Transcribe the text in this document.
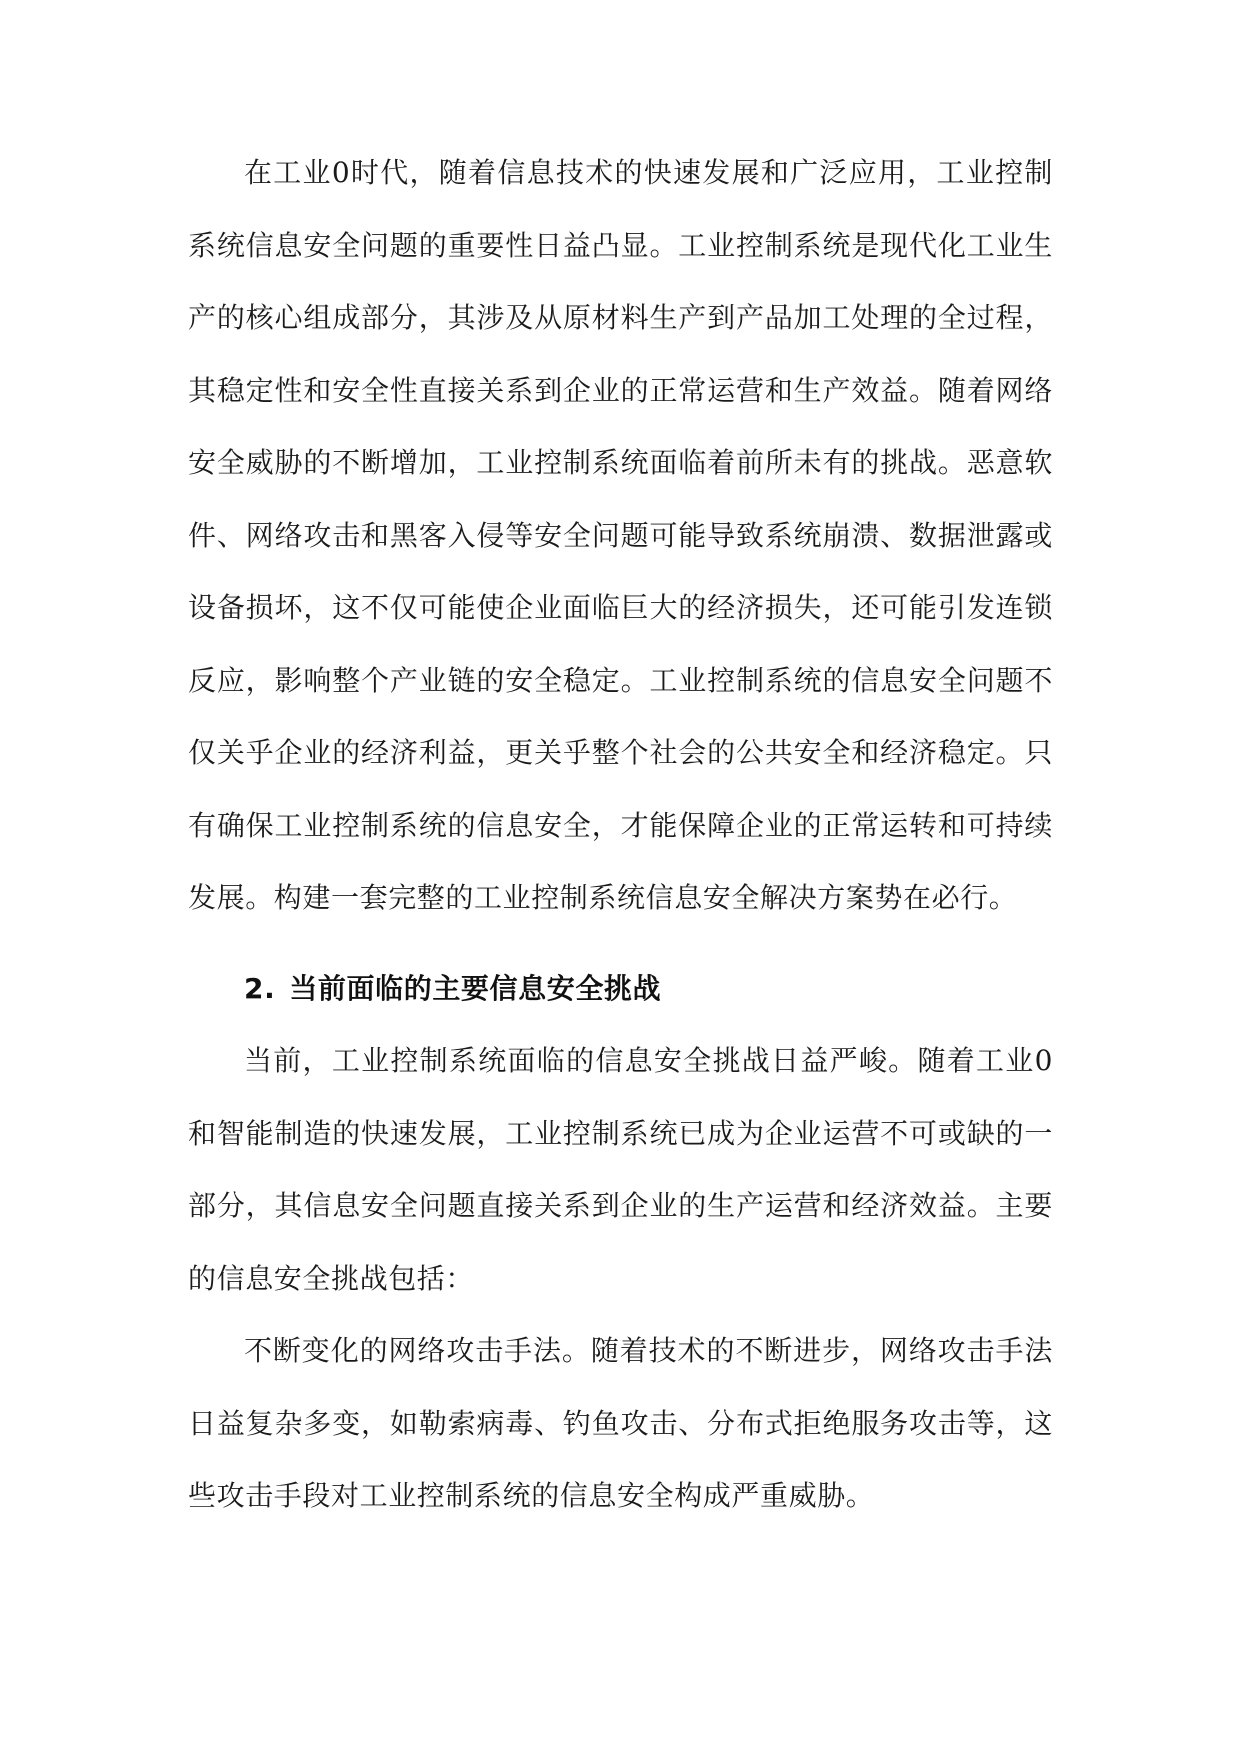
在工业0时代，随着信息技术的快速发展和广泛应用，工业控制系统信息安全问题的重要性日益凸显。工业控制系统是现代化工业生产的核心组成部分，其涉及从原材料生产到产品加工处理的全过程，其稳定性和安全性直接关系到企业的正常运营和生产效益。随着网络安全威胁的不断增加，工业控制系统面临着前所未有的挑战。恶意软件、网络攻击和黑客入侵等安全问题可能导致系统崩溃、数据泄露或设备损坏，这不仅可能使企业面临巨大的经济损失，还可能引发连锁反应，影响整个产业链的安全稳定。工业控制系统的信息安全问题不仅关乎企业的经济利益，更关乎整个社会的公共安全和经济稳定。只有确保工业控制系统的信息安全，才能保障企业的正常运转和可持续发展。构建一套完整的工业控制系统信息安全解决方案势在必行。

2. 当前面临的主要信息安全挑战

当前，工业控制系统面临的信息安全挑战日益严峻。随着工业0和智能制造的快速发展，工业控制系统已成为企业运营不可或缺的一部分，其信息安全问题直接关系到企业的生产运营和经济效益。主要的信息安全挑战包括：

不断变化的网络攻击手法。随着技术的不断进步，网络攻击手法日益复杂多变，如勒索病毒、钓鱼攻击、分布式拒绝服务攻击等，这些攻击手段对工业控制系统的信息安全构成严重威胁。
